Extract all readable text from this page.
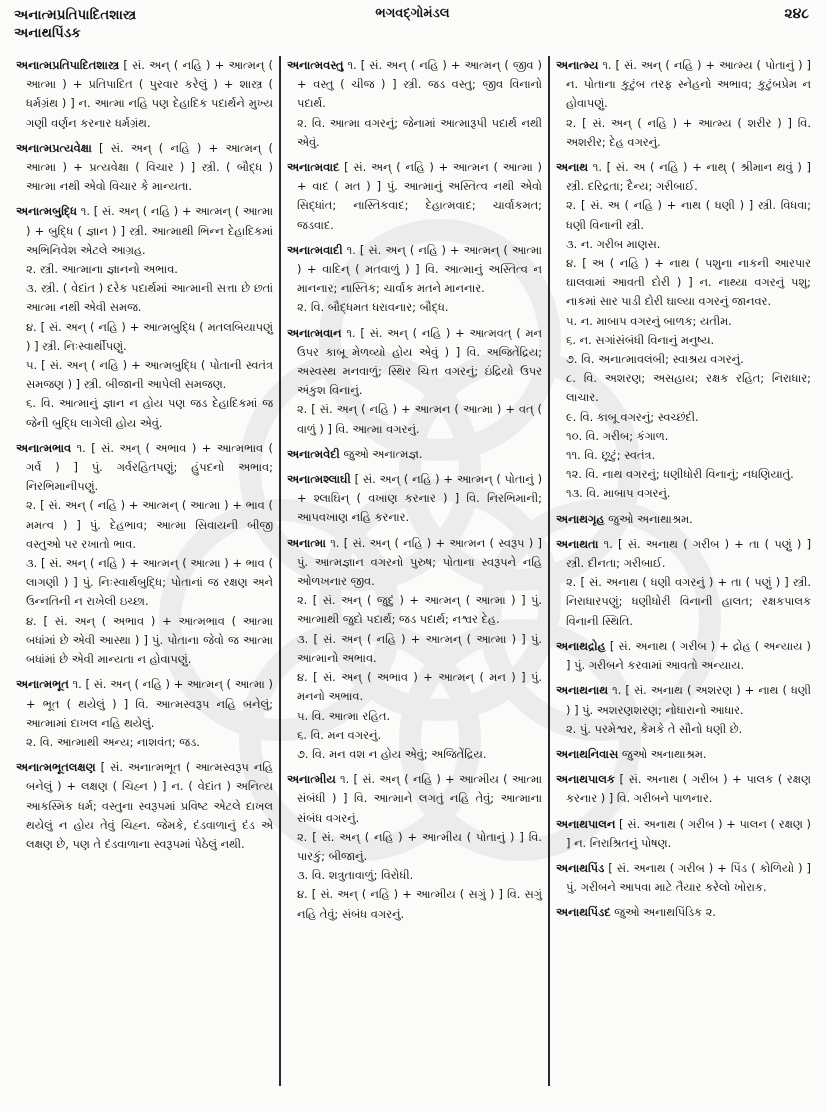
અનાત્મપ્રતિપાદિતશાસ્ત્ર
અનાથપિંડક
ભગવદ્ગોમંડલ	૨૪૮
અનાત્મપ્રતિપાદિતશાસ્ત્ર [ સં. અન્ ( નહિ ) + આત્મન્ ( આત્મા ) + પ્રતિપાદિત ( પુરવાર કરેલું ) + શાસ્ત્ર ( ધર્મગ્રંથ ) ] ન. આત્મા નહિ પણ દેહાદિક પદાર્થને મુખ્ય ગણી વર્ણન કરનાર ધર્મગ્રંથ.
અનાત્મપ્રત્યવેક્ષા [ સં. અન્ ( નહિ ) + આત્મન્ ( આત્મા ) + પ્રત્યવેક્ષા ( વિચાર ) ] સ્ત્રી. ( બૌદ્ધ ) આત્મા નથી એવો વિચાર કે માન્યતા.
અનાત્મબુદ્ધિ ૧. [ સં. અન્ ( નહિ ) + આત્મન્ ( આત્મા ) + બુદ્ધિ ( જ્ઞાન ) ] સ્ત્રી. આત્માથી ભિન્ન દેહાદિકમાં અભિનિવેશ એટલે આગ્રહ.
૨. સ્ત્રી. આત્માના જ્ઞાનનો અભાવ.
૩. સ્ત્રી. ( વેદાંત ) દરેક પદાર્થમાં આત્માની સત્તા છે છતાં આત્મા નથી એવી સમજ.
૪. [ સં. અન્ ( નહિ ) + આત્મબુદ્ધિ ( મતલબિયાપણું ) ] સ્ત્રી. નિઃસ્વાર્થીપણું.
૫. [ સં. અન્ ( નહિ ) + આત્મબુદ્ધિ ( પોતાની સ્વતંત્ર સમજણ ) ] સ્ત્રી. બીજાની આપેલી સમજણ.
૬. વિ. આત્માનું જ્ઞાન ન હોય પણ જડ દેહાદિકમાં જ જેની બુદ્ધિ લાગેલી હોય એવું.
અનાત્મભાવ ૧. [ સં. અન્ ( અભાવ ) + આત્મભાવ ( ગર્વ ) ] પું. ગર્વરહિતપણું; હુંપદનો અભાવ; નિરભિમાનીપણું.
૨. [ સં. અન્ ( નહિ ) + આત્મન્ ( આત્મા ) + ભાવ ( મમત્વ ) ] પું. દેહભાવ; આત્મા સિવાયની બીજી વસ્તુઓ પર રખાતો ભાવ.
૩. [ સં. અન્ ( નહિ ) + આત્મન્ ( આત્મા ) + ભાવ ( લાગણી ) ] પું. નિઃસ્વાર્થબુદ્ધિ; પોતાનાં જ રક્ષણ અને ઉન્નતિની ન રાખેલી ઇચ્છા.
૪. [ સં. અન્ ( અભાવ ) + આત્મભાવ ( આત્મા બધાંમાં છે એવી આસ્થા ) ] પું. પોતાના જેવો જ આત્મા બધાંમાં છે એવી માન્યતા ન હોવાપણું.
અનાત્મભૂત ૧. [ સં. અન્ ( નહિ ) + આત્મન્ ( આત્મા ) + ભૂત ( થયેલું ) ] વિ. આત્મસ્વરૂપ નહિ બનેલું; આત્મામાં દાખલ નહિ થયેલું.
૨. વિ. આત્માથી અન્ય; નાશવંત; જડ.
અનાત્મભૂતલક્ષણ [ સં. અનાત્મભૂત ( આત્મસ્વરૂપ નહિ બનેલું ) + લક્ષણ ( ચિહ્ન ) ] ન. ( વેદાંત ) અનિત્ય આકસ્મિક ધર્મ; વસ્તુના સ્વરૂપમાં પ્રવિષ્ટ એટલે દાખલ થયેલું ન હોય તેવું ચિહ્ન. જેમકે, દંડવાળાનું દંડ એ લક્ષણ છે, પણ તે દંડવાળાના સ્વરૂપમાં પેઠેલું નથી.
અનાત્મવસ્તુ ૧. [ સં. અન્ ( નહિ ) + આત્મન્ ( જીવ ) + વસ્તુ ( ચીજ ) ] સ્ત્રી. જડ વસ્તુ; જીવ વિનાનો પદાર્થ.
૨. વિ. આત્મા વગરનું; જેનામાં આત્મારૂપી પદાર્થ નથી એવું.
અનાત્મવાદ [ સં. અન્ ( નહિ ) + આત્મન ( આત્મા ) + વાદ ( મત ) ] પું. આત્માનું અસ્તિત્વ નથી એવો સિદ્ધાંત; નાસ્તિકવાદ; દેહાત્મવાદ; ચાર્વાકમત; જડવાદ.
અનાત્મવાદી ૧. [ સં. અન્ ( નહિ ) + આત્મન્ ( આત્મા ) + વાદિન્ ( મતવાળું ) ] વિ. આત્માનું અસ્તિત્વ ન માનનાર; નાસ્તિક; ચાર્વાક મતને માનનાર.
૨. વિ. બૌદ્ધમત ધરાવનાર; બૌદ્ધ.
અનાત્મવાન ૧. [ સં. અન્ ( નહિ ) + આત્મવત્ ( મન ઉપર કાબૂ મેળવ્યો હોય એવું ) ] વિ. અજિતેંદ્રિય; અસ્વસ્થ મનવાળું; સ્થિર ચિત્ત વગરનું; ઇંદ્રિયો ઉપર અંકુશ વિનાનું.
૨. [ સં. અન્ ( નહિ ) + આત્મન ( આત્મા ) + વત્ ( વાળું ) ] વિ. આત્મા વગરનું.
અનાત્મવેદી જુઓ અનાત્મજ્ઞ.
અનાત્મશ્લાઘી [ સં. અન્ ( નહિ ) + આત્મન્ ( પોતાનું ) + શ્લાઘિન્ ( વખાણ કરનાર ) ] વિ. નિરભિમાની; આપવખાણ નહિ કરનાર.
અનાત્મા ૧. [ સં. અન્ ( નહિ ) + આત્મન ( સ્વરૂપ ) ] પું. આત્મજ્ઞાન વગરનો પુરુષ; પોતાના સ્વરૂપને નહિ ઓળખનાર જીવ.
૨. [ સં. અન્ ( જુદું ) + આત્મન્ ( આત્મા ) ] પું. આત્માથી જુદો પદાર્થ; જડ પદાર્થ; નશ્વર દેહ.
૩. [ સં. અન્ ( નહિ ) + આત્મન્ ( આત્મા ) ] પું. આત્માનો અભાવ.
૪. [ સં. અન્ ( અભાવ ) + આત્મન્ ( મન ) ] પું. મનનો અભાવ.
૫. વિ. આત્મા રહિત.
૬. વિ. મન વગરનું.
૭. વિ. મન વશ ન હોય એવું; અજિતેંદ્રિય.
અનાત્મીય ૧. [ સં. અન્ ( નહિ ) + આત્મીય ( આત્મા સંબંધી ) ] વિ. આત્માને લગતું નહિ તેવું; આત્માના સંબંધ વગરનું.
૨. [ સં. અન્ ( નહિ ) + આત્મીય ( પોતાનું ) ] વિ. પારકું; બીજાનું.
૩. વિ. શત્રુતાવાળું; વિરોધી.
૪. [ સં. અન્ ( નહિ ) + આત્મીય ( સગું ) ] વિ. સગું નહિ તેવું; સંબંધ વગરનું.
અનાત્મ્ય ૧. [ સં. અન્ ( નહિ ) + આત્મ્ય ( પોતાનું ) ] ન. પોતાના કુટુંબ તરફ સ્નેહનો અભાવ; કુટુંબપ્રેમ ન હોવાપણું.
૨. [ સં. અન્ ( નહિ ) + આત્મ્ય ( શરીર ) ] વિ. અશરીર; દેહ વગરનું.
અનાથ ૧. [ સં. અ ( નહિ ) + નાથ્ ( શ્રીમાન થવું ) ] સ્ત્રી. દરિદ્રતા; દૈન્ય; ગરીબાઈ.
૨. [ સં. અ ( નહિ ) + નાથ ( ધણી ) ] સ્ત્રી. વિધવા; ધણી વિનાની સ્ત્રી.
૩. ન. ગરીબ માણસ.
૪. [ અ ( નહિ ) + નાથ ( પશુના નાકની આરપાર ઘાલવામાં આવતી દોરી ) ] ન. નાથ્યા વગરનું પશુ; નાકમાં સાર પાડી દોરી ઘાલ્યા વગરનું જાનવર.
૫. ન. માબાપ વગરનું બાળક; યતીમ.
૬. ન. સગાંસંબંધી વિનાનું મનુષ્ય.
૭. વિ. અનાત્માવલંબી; સ્વાશ્રય વગરનું.
૮. વિ. અશરણ; અસહાય; રક્ષક રહિત; નિરાધાર; લાચાર.
૯. વિ. કાબૂ વગરનું; સ્વચ્છંદી.
૧૦. વિ. ગરીબ; કંગાળ.
૧૧. વિ. છૂટું; સ્વતંત્ર.
૧૨. વિ. નાથ વગરનું; ધણીધોરી વિનાનું; નધણિયાતું.
૧૩. વિ. માબાપ વગરનું.
અનાથગૃહ જુઓ અનાથાશ્રમ.
અનાથતા ૧. [ સં. અનાથ ( ગરીબ ) + તા ( પણું ) ] સ્ત્રી. દીનતા; ગરીબાઈ.
૨. [ સં. અનાથ ( ધણી વગરનું ) + તા ( પણું ) ] સ્ત્રી. નિરાધારપણું; ધણીધોરી વિનાની હાલત; રક્ષકપાલક વિનાની સ્થિતિ.
અનાથદ્રોહ [ સં. અનાથ ( ગરીબ ) + દ્રોહ ( અન્યાય ) ] પું. ગરીબને કરવામાં આવતો અન્યાય.
અનાથનાથ ૧. [ સં. અનાથ ( અશરણ ) + નાથ ( ધણી ) ] પું. અશરણશરણ; નોધારાનો આધાર.
૨. પું. પરમેશ્વર, કેમકે તે સૌનો ધણી છે.
અનાથનિવાસ જુઓ અનાથાશ્રમ.
અનાથપાલક [ સં. અનાથ ( ગરીબ ) + પાલક ( રક્ષણ કરનાર ) ] વિ. ગરીબને પાળનાર.
અનાથપાલન [ સં. અનાથ ( ગરીબ ) + પાલન ( રક્ષણ ) ] ન. નિરાશ્રિતનું પોષણ.
અનાથપિંડ [ સં. અનાથ ( ગરીબ ) + પિંડ ( કોળિયો ) ] પું. ગરીબને આપવા માટે તૈયાર કરેલો ખોરાક.
અનાથપિંડદ જુઓ અનાથપિંડિક ૨.
